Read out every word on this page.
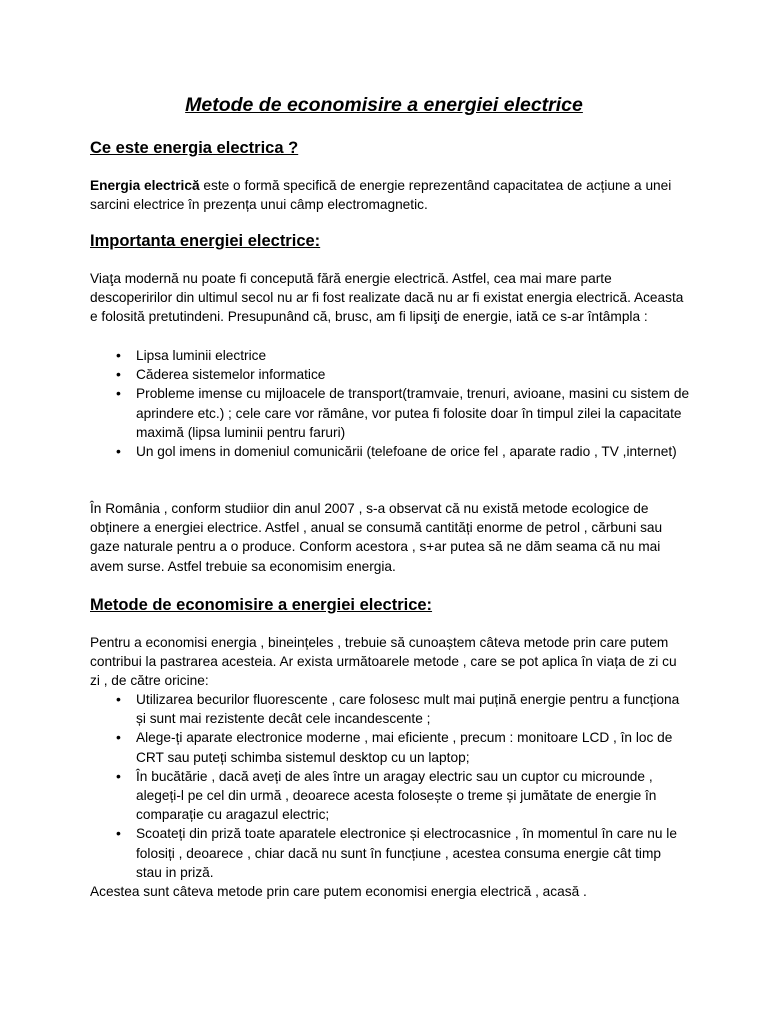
Metode de economisire a energiei electrice
Ce este energia electrica ?

Energia electrică este o formă specifică de energie reprezentând capacitatea de acțiune a unei sarcini electrice în prezența unui câmp electromagnetic.

Importanta energiei electrice:

Viaţa modernă nu poate fi concepută fără energie electrică. Astfel, cea mai mare parte descoperirilor din ultimul secol nu ar fi fost realizate dacă nu ar fi existat energia electrică. Aceasta e folosită pretutindeni. Presupunând că, brusc, am fi lipsiţi de energie, iată ce s-ar întâmpla :

• Lipsa luminii electrice
• Căderea sistemelor informatice
• Probleme imense cu mijloacele de transport(tramvaie, trenuri, avioane, masini cu sistem de aprindere etc.) ; cele care vor rămâne, vor putea fi folosite doar în timpul zilei la capacitate maximă (lipsa luminii pentru faruri)
• Un gol imens in domeniul comunicării (telefoane de orice fel , aparate radio , TV ,internet)

În România , conform studiior din anul 2007 , s-a observat că nu există metode ecologice de obținere a energiei electrice. Astfel , anual se consumă cantități enorme de petrol , cărbuni sau gaze naturale pentru a o produce. Conform acestora , s+ar putea să ne dăm seama că nu mai avem surse. Astfel trebuie sa economisim energia.

Metode de economisire a energiei electrice:

Pentru a economisi energia , bineințeles , trebuie să cunoaștem câteva metode prin care putem contribui la pastrarea acesteia. Ar exista următoarele metode , care se pot aplica în viața de zi cu zi , de către oricine:

• Utilizarea becurilor fluorescente , care folosesc mult mai puțină energie pentru a funcționa și sunt mai rezistente decât cele incandescente ;
• Alege-ți aparate electronice moderne , mai eficiente , precum : monitoare LCD , în loc de CRT sau puteți schimba sistemul desktop cu un laptop;
• În bucătărie , dacă aveți de ales între un aragay electric sau un cuptor cu microunde , alegeți-l pe cel din urmă , deoarece acesta folosește o treme și jumătate de energie în comparație cu aragazul electric;
• Scoateți din priză toate aparatele electronice și electrocasnice , în momentul în care nu le folosiți , deoarece , chiar dacă nu sunt în funcțiune , acestea consuma energie cât timp stau in priză.

Acestea sunt câteva metode prin care putem economisi energia electrică , acasă .
